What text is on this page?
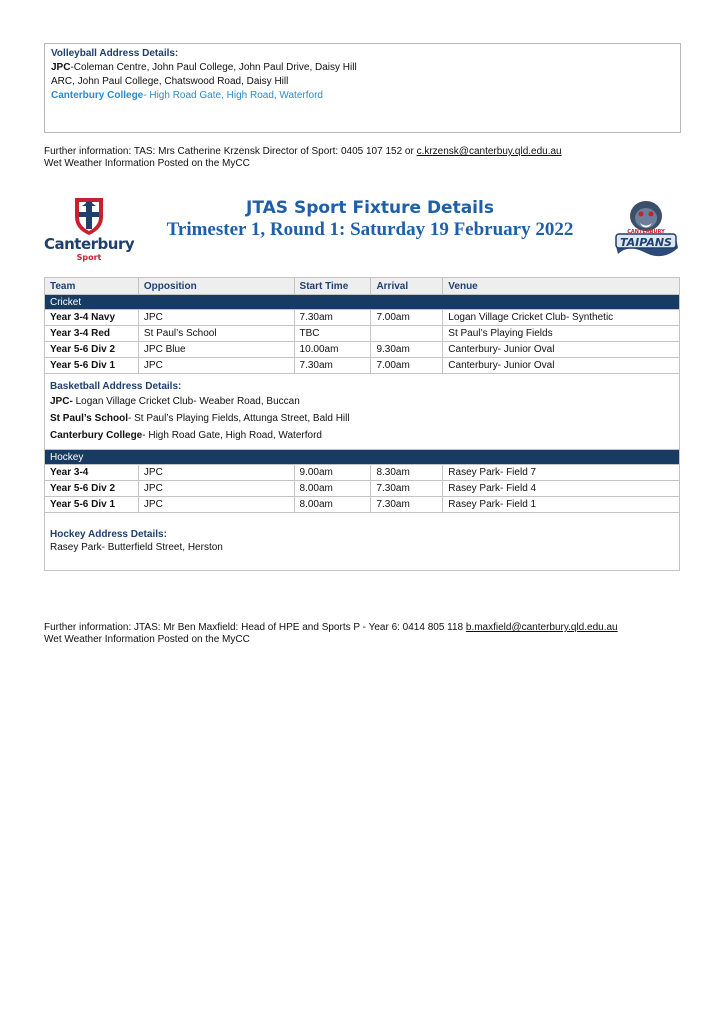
Volleyball Address Details:
JPC-Coleman Centre, John Paul College, John Paul Drive, Daisy Hill
ARC, John Paul College, Chatswood Road, Daisy Hill
Canterbury College- High Road Gate, High Road, Waterford
Further information: TAS: Mrs Catherine Krzensk Director of Sport: 0405 107 152 or c.krzensk@canterbuy.qld.edu.au
Wet Weather Information Posted on the MyCC
Canterbury
Sport
JTAS Sport Fixture Details
Trimester 1, Round 1: Saturday 19 February 2022
TAIPANS
CANTERBURY
Team	Opposition	Start Time	Arrival	Venue
Cricket				
Year 3-4 Navy	JPC	7.30am	7.00am	Logan Village Cricket Club- Synthetic
Year 3-4 Red	St Paul’s School	TBC		St Paul’s Playing Fields
Year 5-6 Div 2	JPC Blue	10.00am	9.30am	Canterbury- Junior Oval
Year 5-6 Div 1	JPC	7.30am	7.00am	Canterbury- Junior Oval

Basketball Address Details:
JPC- Logan Village Cricket Club- Weaber Road, Buccan
St Paul’s School- St Paul’s Playing Fields, Attunga Street, Bald Hill
Canterbury College- High Road Gate, High Road, Waterford				

Hockey				
Year 3-4	JPC	9.00am	8.30am	Rasey Park- Field 7
Year 5-6 Div 2	JPC	8.00am	7.30am	Rasey Park- Field 4
Year 5-6 Div 1	JPC	8.00am	7.30am	Rasey Park- Field 1

Hockey Address Details:
Rasey Park- Butterfield Street, Herston				
Further information: JTAS: Mr Ben Maxfield: Head of HPE and Sports P - Year 6: 0414 805 118 b.maxfield@canterbury.qld.edu.au
Wet Weather Information Posted on the MyCC
